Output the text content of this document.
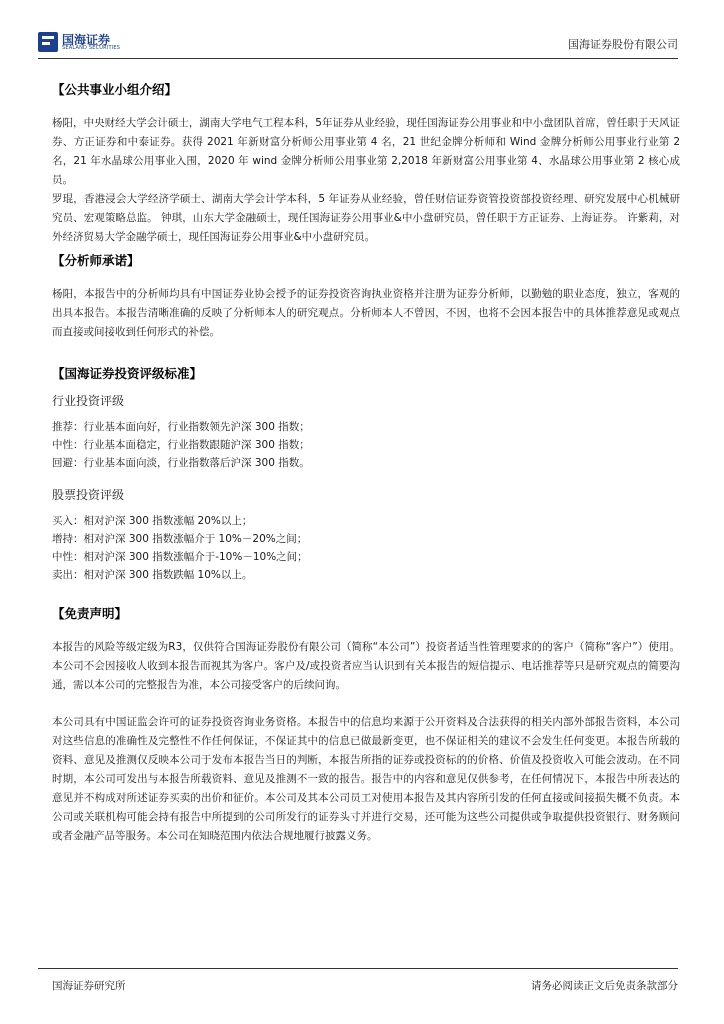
国海证券
SEALAND SECURITIES	国海证券股份有限公司
【公共事业小组介绍】

杨阳，中央财经大学会计硕士，湖南大学电气工程本科，5年证券从业经验，现任国海证券公用事业和中小盘团队首席，曾任职于天风证券、方正证券和中泰证券。获得 2021 年新财富分析师公用事业第 4 名，21 世纪金牌分析师和 Wind 金牌分析师公用事业行业第 2 名，21 年水晶球公用事业入围，2020 年 wind 金牌分析师公用事业第 2,2018 年新财富公用事业第 4、水晶球公用事业第 2 核心成员。

罗琨，香港浸会大学经济学硕士、湖南大学会计学本科，5 年证券从业经验，曾任财信证券资管投资部投资经理、研究发展中心机械研究员、宏观策略总监。 钟琪，山东大学金融硕士，现任国海证券公用事业&中小盘研究员，曾任职于方正证券、上海证券。 许紫莉，对外经济贸易大学金融学硕士，现任国海证券公用事业&中小盘研究员。

【分析师承诺】

杨阳，本报告中的分析师均具有中国证券业协会授予的证券投资咨询执业资格并注册为证券分析师，以勤勉的职业态度，独立，客观的出具本报告。本报告清晰准确的反映了分析师本人的研究观点。分析师本人不曾因，不因，也将不会因本报告中的具体推荐意见或观点而直接或间接收到任何形式的补偿。

【国海证券投资评级标准】
行业投资评级

推荐：行业基本面向好，行业指数领先沪深 300 指数；

中性：行业基本面稳定，行业指数跟随沪深 300 指数；

回避：行业基本面向淡，行业指数落后沪深 300 指数。

股票投资评级

买入：相对沪深 300 指数涨幅 20%以上；

增持：相对沪深 300 指数涨幅介于 10%－20%之间；

中性：相对沪深 300 指数涨幅介于-10%－10%之间；

卖出：相对沪深 300 指数跌幅 10%以上。

【免责声明】

本报告的风险等级定级为R3，仅供符合国海证券股份有限公司（简称“本公司”）投资者适当性管理要求的的客户（简称“客户”）使用。本公司不会因接收人收到本报告而视其为客户。客户及/或投资者应当认识到有关本报告的短信提示、电话推荐等只是研究观点的简要沟通，需以本公司的完整报告为准，本公司接受客户的后续问询。

本公司具有中国证监会许可的证券投资咨询业务资格。本报告中的信息均来源于公开资料及合法获得的相关内部外部报告资料，本公司对这些信息的准确性及完整性不作任何保证，不保证其中的信息已做最新变更，也不保证相关的建议不会发生任何变更。本报告所载的资料、意见及推测仅反映本公司于发布本报告当日的判断，本报告所指的证券或投资标的的价格、价值及投资收入可能会波动。在不同时期，本公司可发出与本报告所载资料、意见及推测不一致的报告。报告中的内容和意见仅供参考，在任何情况下，本报告中所表达的意见并不构成对所述证券买卖的出价和征价。本公司及其本公司员工对使用本报告及其内容所引发的任何直接或间接损失概不负责。本公司或关联机构可能会持有报告中所提到的公司所发行的证券头寸并进行交易，还可能为这些公司提供或争取提供投资银行、财务顾问或者金融产品等服务。本公司在知晓范围内依法合规地履行披露义务。

国海证券研究所	请务必阅读正文后免责条款部分
